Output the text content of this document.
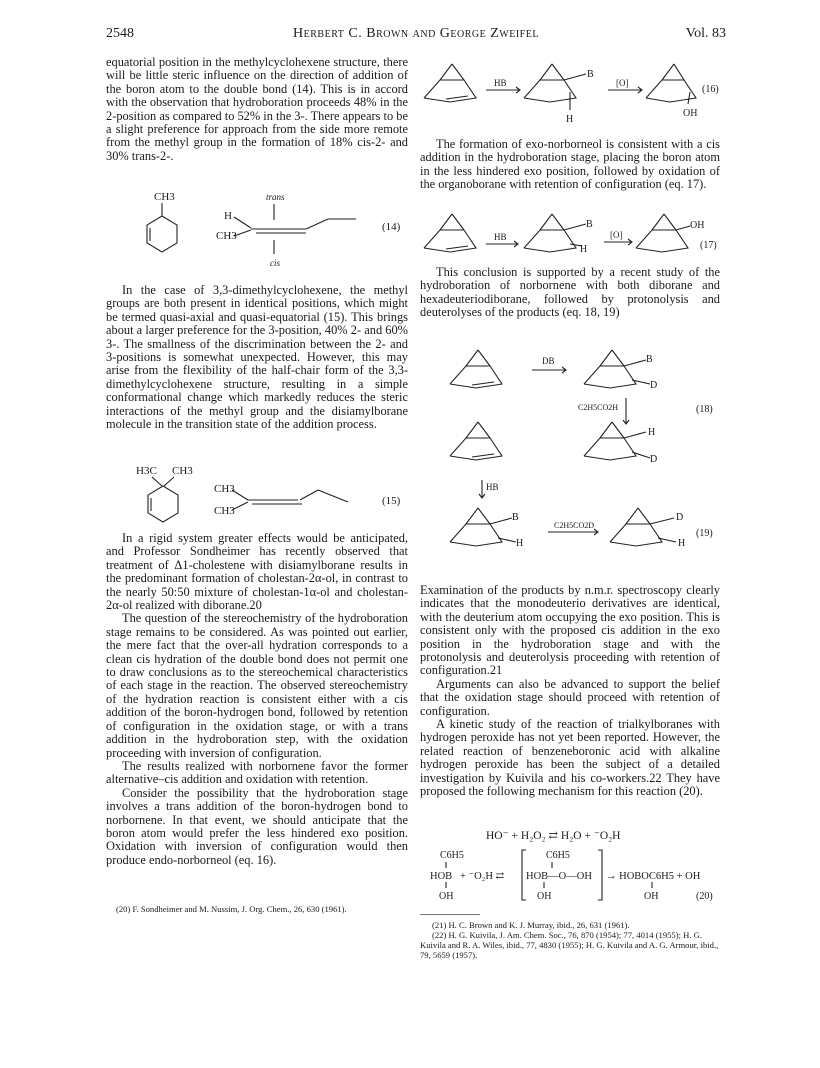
2548	Herbert C. Brown and George Zweifel	Vol. 83

equatorial position in the methylcyclohexene structure, there will be little steric influence on the direction of addition of the boron atom to the double bond (14). This is in accord with the observation that hydroboration proceeds 48% in the 2-position as compared to 52% in the 3-. There appears to be a slight preference for approach from the side more remote from the methyl group in the formation of 18% cis-2- and 30% trans-2-.

CH3	trans
H
CH3
cis
(14)

In the case of 3,3-dimethylcyclohexene, the methyl groups are both present in identical positions, which might be termed quasi-axial and quasi-equatorial (15). This brings about a larger preference for the 3-position, 40% 2- and 60% 3-. The smallness of the discrimination between the 2- and 3-positions is somewhat unexpected. However, this may arise from the flexibility of the half-chair form of the 3,3-dimethylcyclohexene structure, resulting in a simple conformational change which markedly reduces the steric interactions of the methyl group and the disiamylborane molecule in the transition state of the addition process.

H3C CH3
CH3
CH3
(15)

In a rigid system greater effects would be anticipated, and Professor Sondheimer has recently observed that treatment of Δ1-cholestene with disiamylborane results in the predominant formation of cholestan-2α-ol, in contrast to the nearly 50:50 mixture of cholestan-1α-ol and cholestan-2α-ol realized with diborane.20

The question of the stereochemistry of the hydroboration stage remains to be considered. As was pointed out earlier, the mere fact that the over-all hydration corresponds to a clean cis hydration of the double bond does not permit one to draw conclusions as to the stereochemical characteristics of each stage in the reaction. The observed stereochemistry of the hydration reaction is consistent either with a cis addition of the boron-hydrogen bond, followed by retention of configuration in the oxidation stage, or with a trans addition in the hydroboration step, with the oxidation proceeding with inversion of configuration.

The results realized with norbornene favor the former alternative–cis addition and oxidation with retention.

Consider the possibility that the hydroboration stage involves a trans addition of the boron-hydrogen bond to norbornene. In that event, we should anticipate that the boron atom would prefer the less hindered exo position. Oxidation with inversion of configuration would then produce endo-norborneol (eq. 16).

(20) F. Sondheimer and M. Nussim, J. Org. Chem., 26, 630 (1961).
HB
B
H
[O]
OH
(16)

The formation of exo-norborneol is consistent with a cis addition in the hydroboration stage, placing the boron atom in the less hindered exo position, followed by oxidation of the organoborane with retention of configuration (eq. 17).

HB
B
H
[O]
OH
(17)

This conclusion is supported by a recent study of the hydroboration of norbornene with both diborane and hexadeuteriodiborane, followed by protonolysis and deuterolyses of the products (eq. 18, 19)

DB	B
D
C2H5CO2H
H
D
(18)
HB
B
H
C2H5CO2D
D
H
(19)

Examination of the products by n.m.r. spectroscopy clearly indicates that the monodeuterio derivatives are identical, with the deuterium atom occupying the exo position. This is consistent only with the proposed cis addition in the exo position in the hydroboration stage and with the protonolysis and deuterolysis proceeding with retention of configuration.21

Arguments can also be advanced to support the belief that the oxidation stage should proceed with retention of configuration.

A kinetic study of the reaction of trialkylboranes with hydrogen peroxide has not yet been reported. However, the related reaction of benzeneboronic acid with alkaline hydrogen peroxide has been the subject of a detailed investigation by Kuivila and his co-workers.22 They have proposed the following mechanism for this reaction (20).

HO⁻ + H₂O₂ ⇄ H₂O + ⁻O₂H
C6H5
HOB
OH
+ ⁻O₂H ⇄
C6H5
HOB—O—OH
OH
→ HOBOC6H5 + OH
OH	(20)
(21) H. C. Brown and K. J. Murray, ibid., 26, 631 (1961).
(22) H. G. Kuivila, J. Am. Chem. Soc., 76, 870 (1954); 77, 4014 (1955); H. G. Kuivila and R. A. Wiles, ibid., 77, 4830 (1955); H. G. Kuivila and A. G. Armour, ibid., 79, 5659 (1957).
